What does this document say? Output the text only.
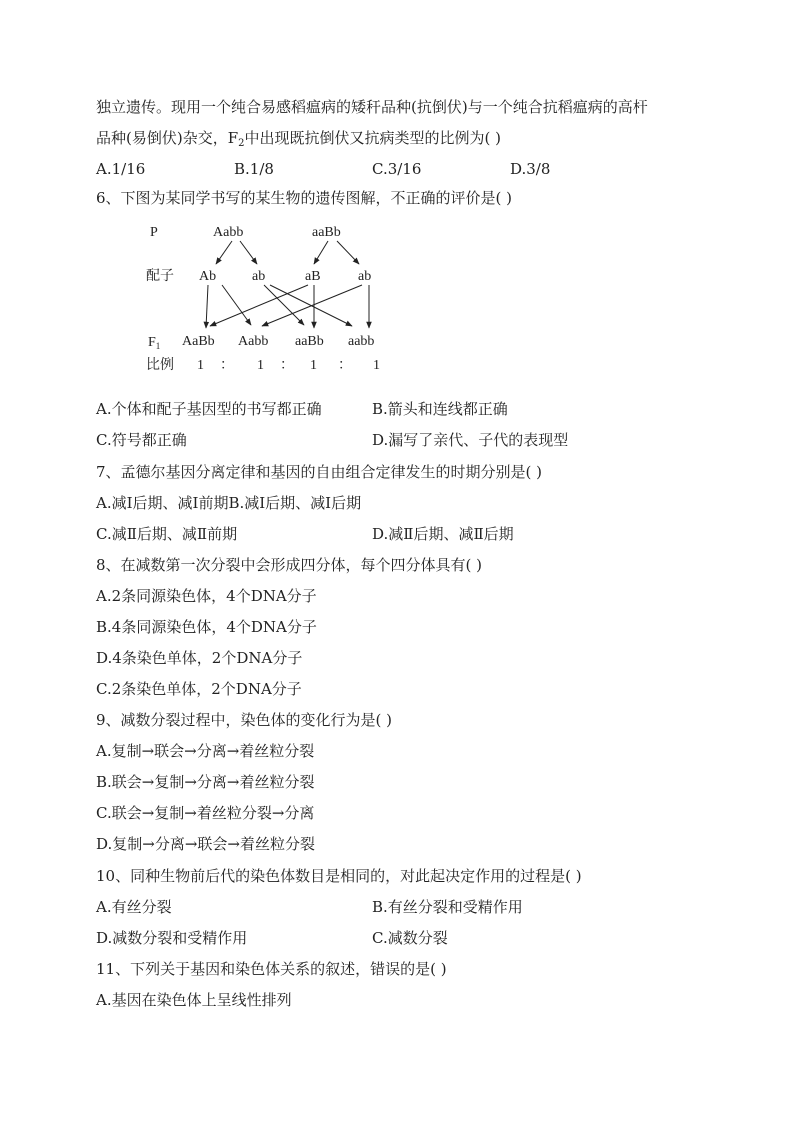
独立遗传。现用一个纯合易感稻瘟病的矮秆品种(抗倒伏)与一个纯合抗稻瘟病的高杆
品种(易倒伏)杂交，$F_2$中出现既抗倒伏又抗病类型的比例为( )
A.1/16	B.1/8	C.3/16	D.3/8
6、下图为某同学书写的某生物的遗传图解，不正确的评价是( )
P	Aabb	aaBb
配子 Ab	ab	aB	ab
$F_1$ AaBb Aabb aaBb aabb
比例 1 ： 1 ： 1 ： 1
A.个体和配子基因型的书写都正确	B.箭头和连线都正确
C.符号都正确	D.漏写了亲代、子代的表现型
7、孟德尔基因分离定律和基因的自由组合定律发生的时期分别是( )
A.减Ⅰ后期、减Ⅰ前期B.减Ⅰ后期、减Ⅰ后期
C.减Ⅱ后期、减Ⅱ前期	D.减Ⅱ后期、减Ⅱ后期
8、在减数第一次分裂中会形成四分体，每个四分体具有( )
A.2条同源染色体，4个DNA分子
B.4条同源染色体，4个DNA分子
D.4条染色单体，2个DNA分子
C.2条染色单体，2个DNA分子
9、减数分裂过程中，染色体的变化行为是( )
A.复制→联会→分离→着丝粒分裂
B.联会→复制→分离→着丝粒分裂
C.联会→复制→着丝粒分裂→分离
D.复制→分离→联会→着丝粒分裂
10、同种生物前后代的染色体数目是相同的，对此起决定作用的过程是( )
A.有丝分裂	B.有丝分裂和受精作用
D.减数分裂和受精作用	C.减数分裂
11、下列关于基因和染色体关系的叙述，错误的是( )
A.基因在染色体上呈线性排列
